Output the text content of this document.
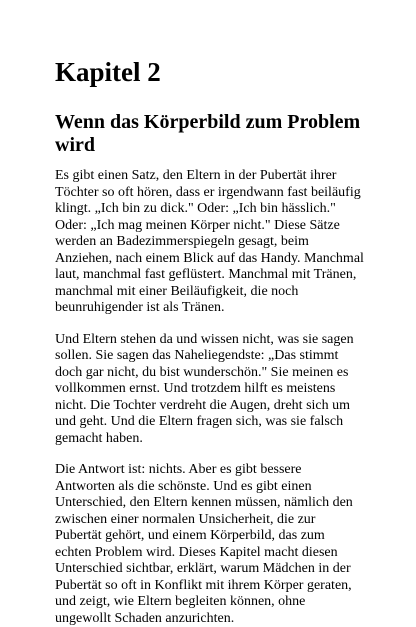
Kapitel 2
Wenn das Körperbild zum Problem wird

Es gibt einen Satz, den Eltern in der Pubertät ihrer Töchter so oft hören, dass er irgendwann fast beiläufig klingt. „Ich bin zu dick." Oder: „Ich bin hässlich." Oder: „Ich mag meinen Körper nicht." Diese Sätze werden an Badezimmerspiegeln gesagt, beim Anziehen, nach einem Blick auf das Handy. Manchmal laut, manchmal fast geflüstert. Manchmal mit Tränen, manchmal mit einer Beiläufigkeit, die noch beunruhigender ist als Tränen.

Und Eltern stehen da und wissen nicht, was sie sagen sollen. Sie sagen das Naheliegendste: „Das stimmt doch gar nicht, du bist wunderschön." Sie meinen es vollkommen ernst. Und trotzdem hilft es meistens nicht. Die Tochter verdreht die Augen, dreht sich um und geht. Und die Eltern fragen sich, was sie falsch gemacht haben.

Die Antwort ist: nichts. Aber es gibt bessere Antworten als die schönste. Und es gibt einen Unterschied, den Eltern kennen müssen, nämlich den zwischen einer normalen Unsicherheit, die zur Pubertät gehört, und einem Körperbild, das zum echten Problem wird. Dieses Kapitel macht diesen Unterschied sichtbar, erklärt, warum Mädchen in der Pubertät so oft in Konflikt mit ihrem Körper geraten, und zeigt, wie Eltern begleiten können, ohne ungewollt Schaden anzurichten.
